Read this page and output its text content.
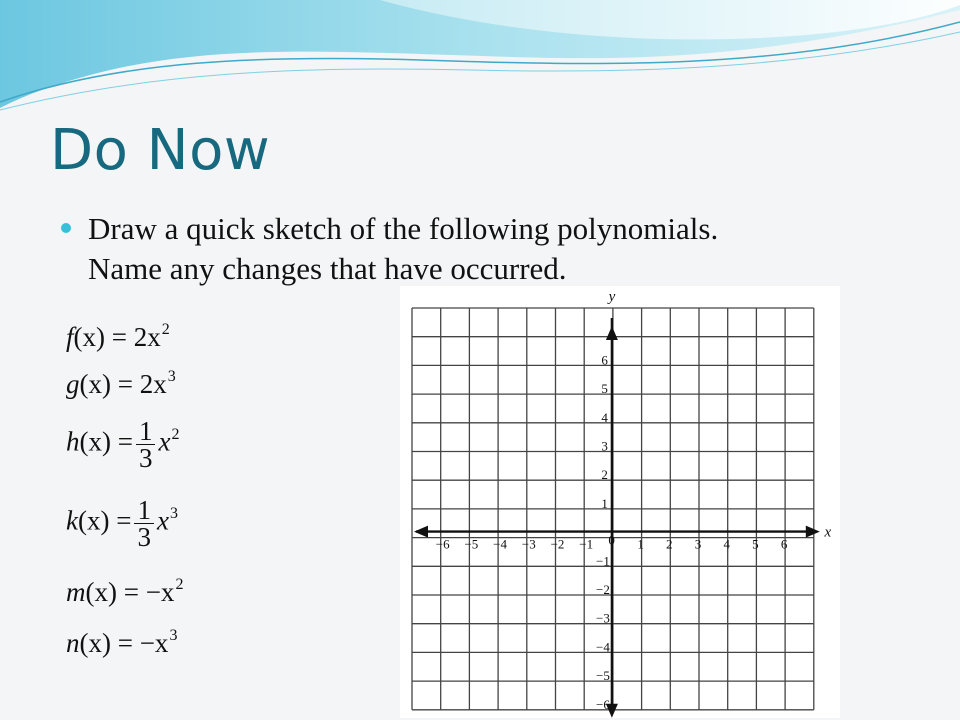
Do Now
Draw a quick sketch of the following polynomials.
Name any changes that have occurred.
$f(x) = 2x^2$
$g(x) = 2x^3$
$h(x) = \frac{1}{3} x^2$
$k(x) = \frac{1}{3} x^3$
$m(x) = -x^2$
$n(x) = -x^3$
−6 −5 −4 −3 −2 −1	1 2 3 4 5 6
6
5
4
3
2
1
−1
−2
−3
−4
−5
−6
0	x
y
